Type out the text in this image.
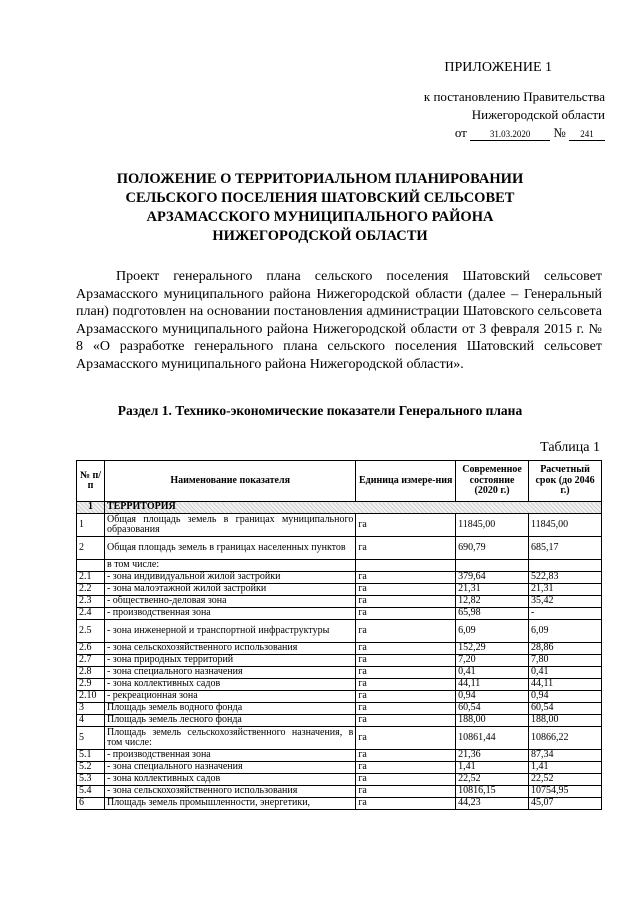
ПРИЛОЖЕНИЕ 1
к постановлению Правительства
Нижегородской области
от	31.03.2020 № 241
ПОЛОЖЕНИЕ О ТЕРРИТОРИАЛЬНОМ ПЛАНИРОВАНИИ СЕЛЬСКОГО ПОСЕЛЕНИЯ ШАТОВСКИЙ СЕЛЬСОВЕТ АРЗАМАССКОГО МУНИЦИПАЛЬНОГО РАЙОНА НИЖЕГОРОДСКОЙ ОБЛАСТИ
Проект генерального плана сельского поселения Шатовский сельсовет Арзамасского муниципального района Нижегородской области (далее – Генеральный план) подготовлен на основании постановления администрации Шатовского сельсовета Арзамасского муниципального района Нижегородской области от 3 февраля 2015 г. № 8 «О разработке генерального плана сельского поселения Шатовский сельсовет Арзамасского муниципального района Нижегородской области».
Раздел 1. Технико-экономические показатели Генерального плана
Таблица 1
№ п/п	Наименование показателя	Единица измере-ния	Современное состояние (2020 г.)	Расчетный срок (до 2046 г.)
1	ТЕРРИТОРИЯ			
1	Общая площадь земель в границах муниципального образования	га	11845,00	11845,00
2	Общая площадь земель в границах населенных пунктов	га	690,79	685,17
	в том числе:			
2.1	- зона индивидуальной жилой застройки	га	379,64	522,83
2.2	- зона малоэтажной жилой застройки	га	21,31	21,31
2.3	- общественно-деловая зона	га	12,82	35,42
2.4	- производственная зона	га	65,98	-
2.5	- зона инженерной и транспортной инфраструктуры	га	6,09	6,09
2.6	- зона сельскохозяйственного использования	га	152,29	28,86
2.7	- зона природных территорий	га	7,20	7,80
2.8	- зона специального назначения	га	0,41	0,41
2.9	- зона коллективных садов	га	44,11	44,11
2.10	- рекреационная зона	га	0,94	0,94
3	Площадь земель водного фонда	га	60,54	60,54
4	Площадь земель лесного фонда	га	188,00	188,00
5	Площадь земель сельскохозяйственного назначения, в том числе:	га	10861,44	10866,22
5.1	- производственная зона	га	21,36	87,34
5.2	- зона специального назначения	га	1,41	1,41
5.3	- зона коллективных садов	га	22,52	22,52
5.4	- зона сельскохозяйственного использования	га	10816,15	10754,95
6	Площадь земель промышленности, энергетики,	га	44,23	45,07
